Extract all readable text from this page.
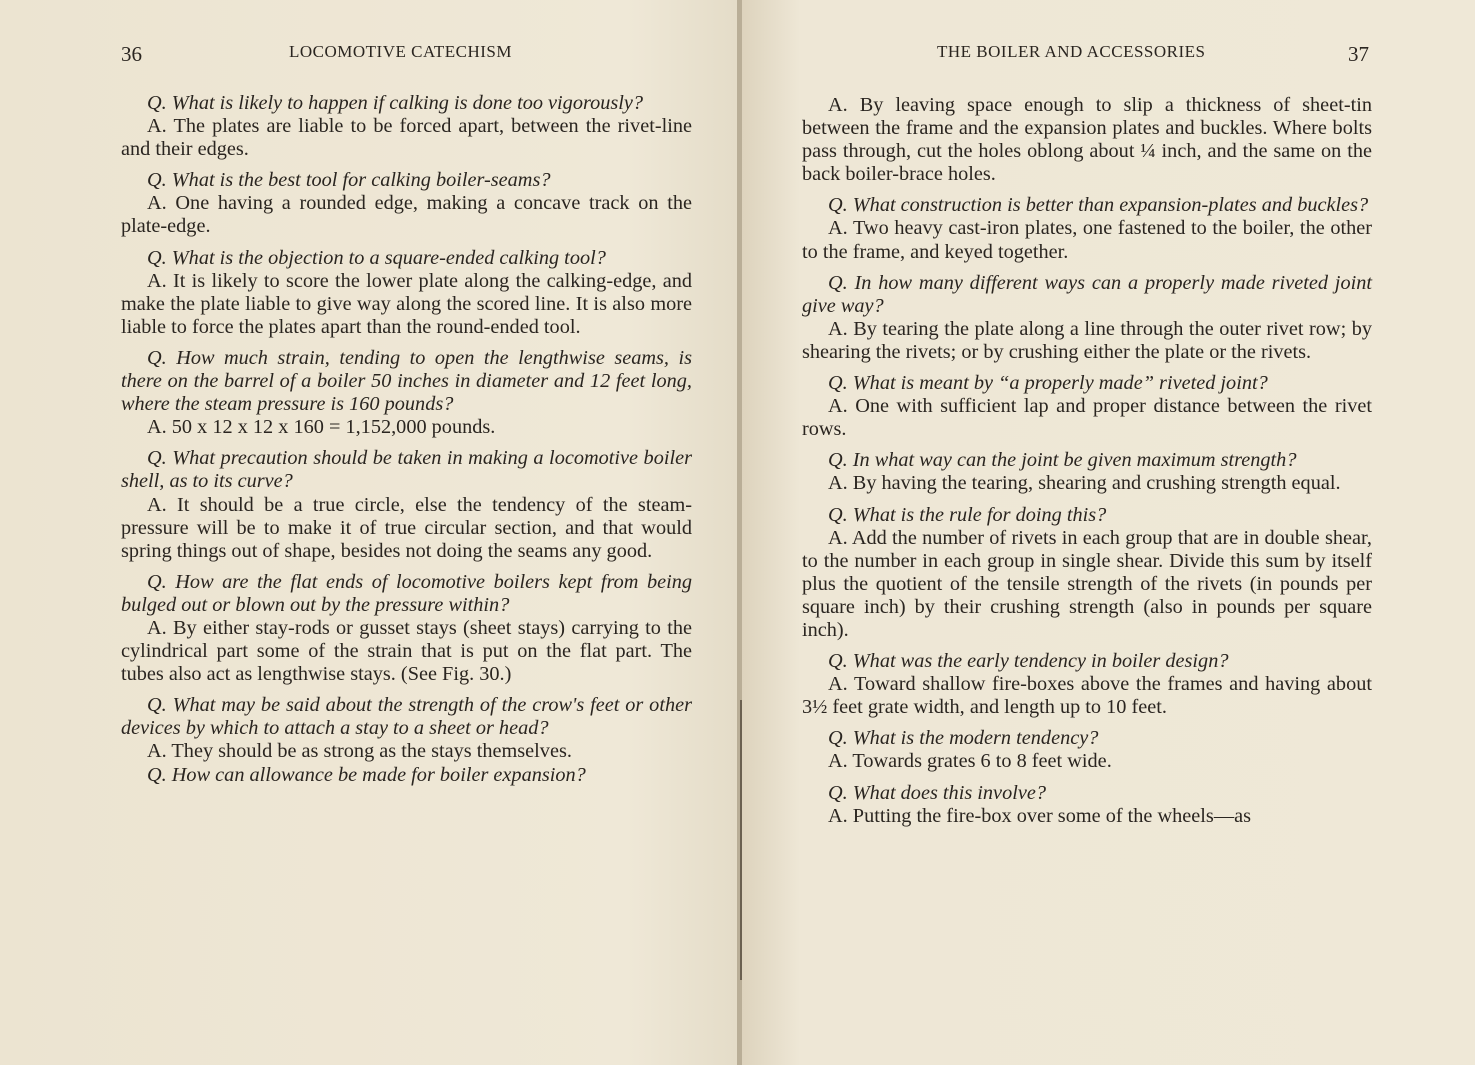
36	LOCOMOTIVE CATECHISM

Q. What is likely to happen if calking is done too vigorously?

A. The plates are liable to be forced apart, between the rivet-line and their edges.

Q. What is the best tool for calking boiler-seams?

A. One having a rounded edge, making a concave track on the plate-edge.

Q. What is the objection to a square-ended calking tool?

A. It is likely to score the lower plate along the calking-edge, and make the plate liable to give way along the scored line. It is also more liable to force the plates apart than the round-ended tool.

Q. How much strain, tending to open the lengthwise seams, is there on the barrel of a boiler 50 inches in diameter and 12 feet long, where the steam pressure is 160 pounds?

A. 50 x 12 x 12 x 160 = 1,152,000 pounds.

Q. What precaution should be taken in making a locomotive boiler shell, as to its curve?

A. It should be a true circle, else the tendency of the steam-pressure will be to make it of true circular section, and that would spring things out of shape, besides not doing the seams any good.

Q. How are the flat ends of locomotive boilers kept from being bulged out or blown out by the pressure within?

A. By either stay-rods or gusset stays (sheet stays) carrying to the cylindrical part some of the strain that is put on the flat part. The tubes also act as lengthwise stays. (See Fig. 30.)

Q. What may be said about the strength of the crow's feet or other devices by which to attach a stay to a sheet or head?

A. They should be as strong as the stays themselves.

Q. How can allowance be made for boiler expansion?

THE BOILER AND ACCESSORIES	37

A. By leaving space enough to slip a thickness of sheet-tin between the frame and the expansion plates and buckles. Where bolts pass through, cut the holes oblong about ¼ inch, and the same on the back boiler-brace holes.

Q. What construction is better than expansion-plates and buckles?

A. Two heavy cast-iron plates, one fastened to the boiler, the other to the frame, and keyed together.

Q. In how many different ways can a properly made riveted joint give way?

A. By tearing the plate along a line through the outer rivet row; by shearing the rivets; or by crushing either the plate or the rivets.

Q. What is meant by “a properly made” riveted joint?

A. One with sufficient lap and proper distance between the rivet rows.

Q. In what way can the joint be given maximum strength?

A. By having the tearing, shearing and crushing strength equal.

Q. What is the rule for doing this?

A. Add the number of rivets in each group that are in double shear, to the number in each group in single shear. Divide this sum by itself plus the quotient of the tensile strength of the rivets (in pounds per square inch) by their crushing strength (also in pounds per square inch).

Q. What was the early tendency in boiler design?

A. Toward shallow fire-boxes above the frames and having about 3½ feet grate width, and length up to 10 feet.

Q. What is the modern tendency?

A. Towards grates 6 to 8 feet wide.

Q. What does this involve?

A. Putting the fire-box over some of the wheels—as
